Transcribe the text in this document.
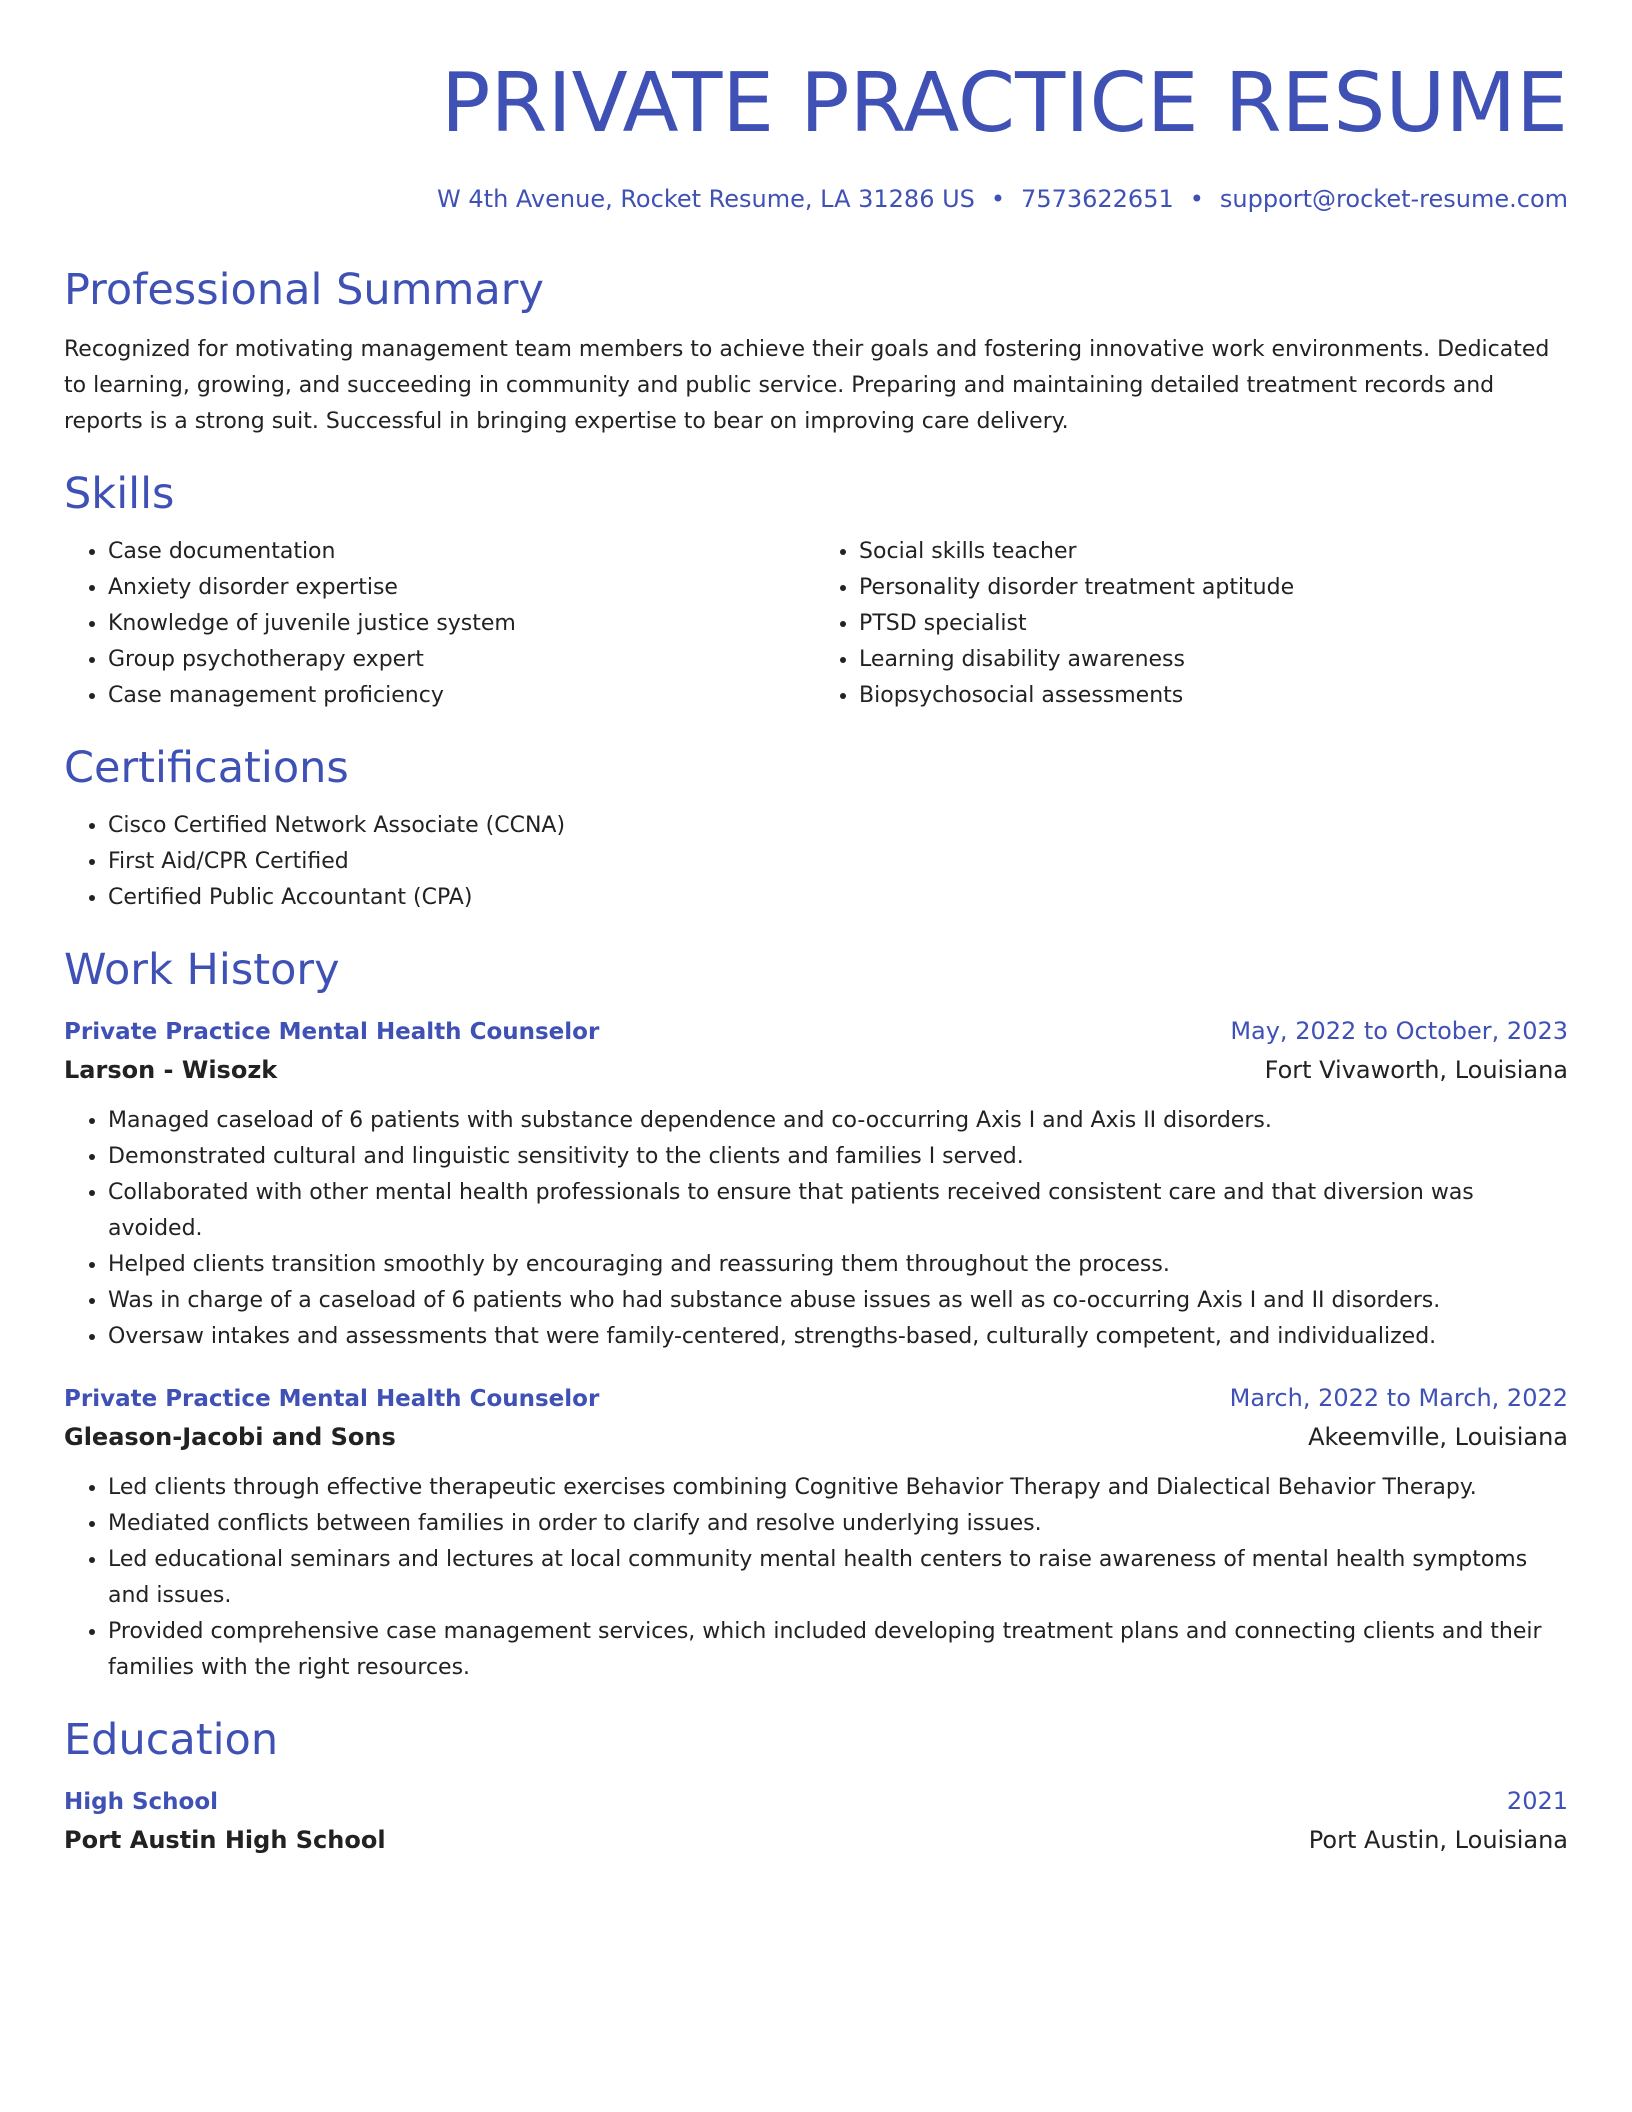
PRIVATE PRACTICE RESUME
W 4th Avenue, Rocket Resume, LA 31286 US • 7573622651 • support@rocket-resume.com
Professional Summary

Recognized for motivating management team members to achieve their goals and fostering innovative work environments. Dedicated to learning, growing, and succeeding in community and public service. Preparing and maintaining detailed treatment records and reports is a strong suit. Successful in bringing expertise to bear on improving care delivery.

Skills
• Case documentation
• Anxiety disorder expertise
• Knowledge of juvenile justice system
• Group psychotherapy expert
• Case management proficiency
• Social skills teacher
• Personality disorder treatment aptitude
• PTSD specialist
• Learning disability awareness
• Biopsychosocial assessments
Certifications
• Cisco Certified Network Associate (CCNA)
• First Aid/CPR Certified
• Certified Public Accountant (CPA)
Work History
Private Practice Mental Health Counselor	May, 2022 to October, 2023
Larson - Wisozk	Fort Vivaworth, Louisiana
• Managed caseload of 6 patients with substance dependence and co-occurring Axis I and Axis II disorders.
• Demonstrated cultural and linguistic sensitivity to the clients and families I served.
• Collaborated with other mental health professionals to ensure that patients received consistent care and that diversion was avoided.
• Helped clients transition smoothly by encouraging and reassuring them throughout the process.
• Was in charge of a caseload of 6 patients who had substance abuse issues as well as co-occurring Axis I and II disorders.
• Oversaw intakes and assessments that were family-centered, strengths-based, culturally competent, and individualized.
Private Practice Mental Health Counselor	March, 2022 to March, 2022
Gleason-Jacobi and Sons	Akeemville, Louisiana
• Led clients through effective therapeutic exercises combining Cognitive Behavior Therapy and Dialectical Behavior Therapy.
• Mediated conflicts between families in order to clarify and resolve underlying issues.
• Led educational seminars and lectures at local community mental health centers to raise awareness of mental health symptoms and issues.
• Provided comprehensive case management services, which included developing treatment plans and connecting clients and their families with the right resources.
Education
High School	2021
Port Austin High School	Port Austin, Louisiana
